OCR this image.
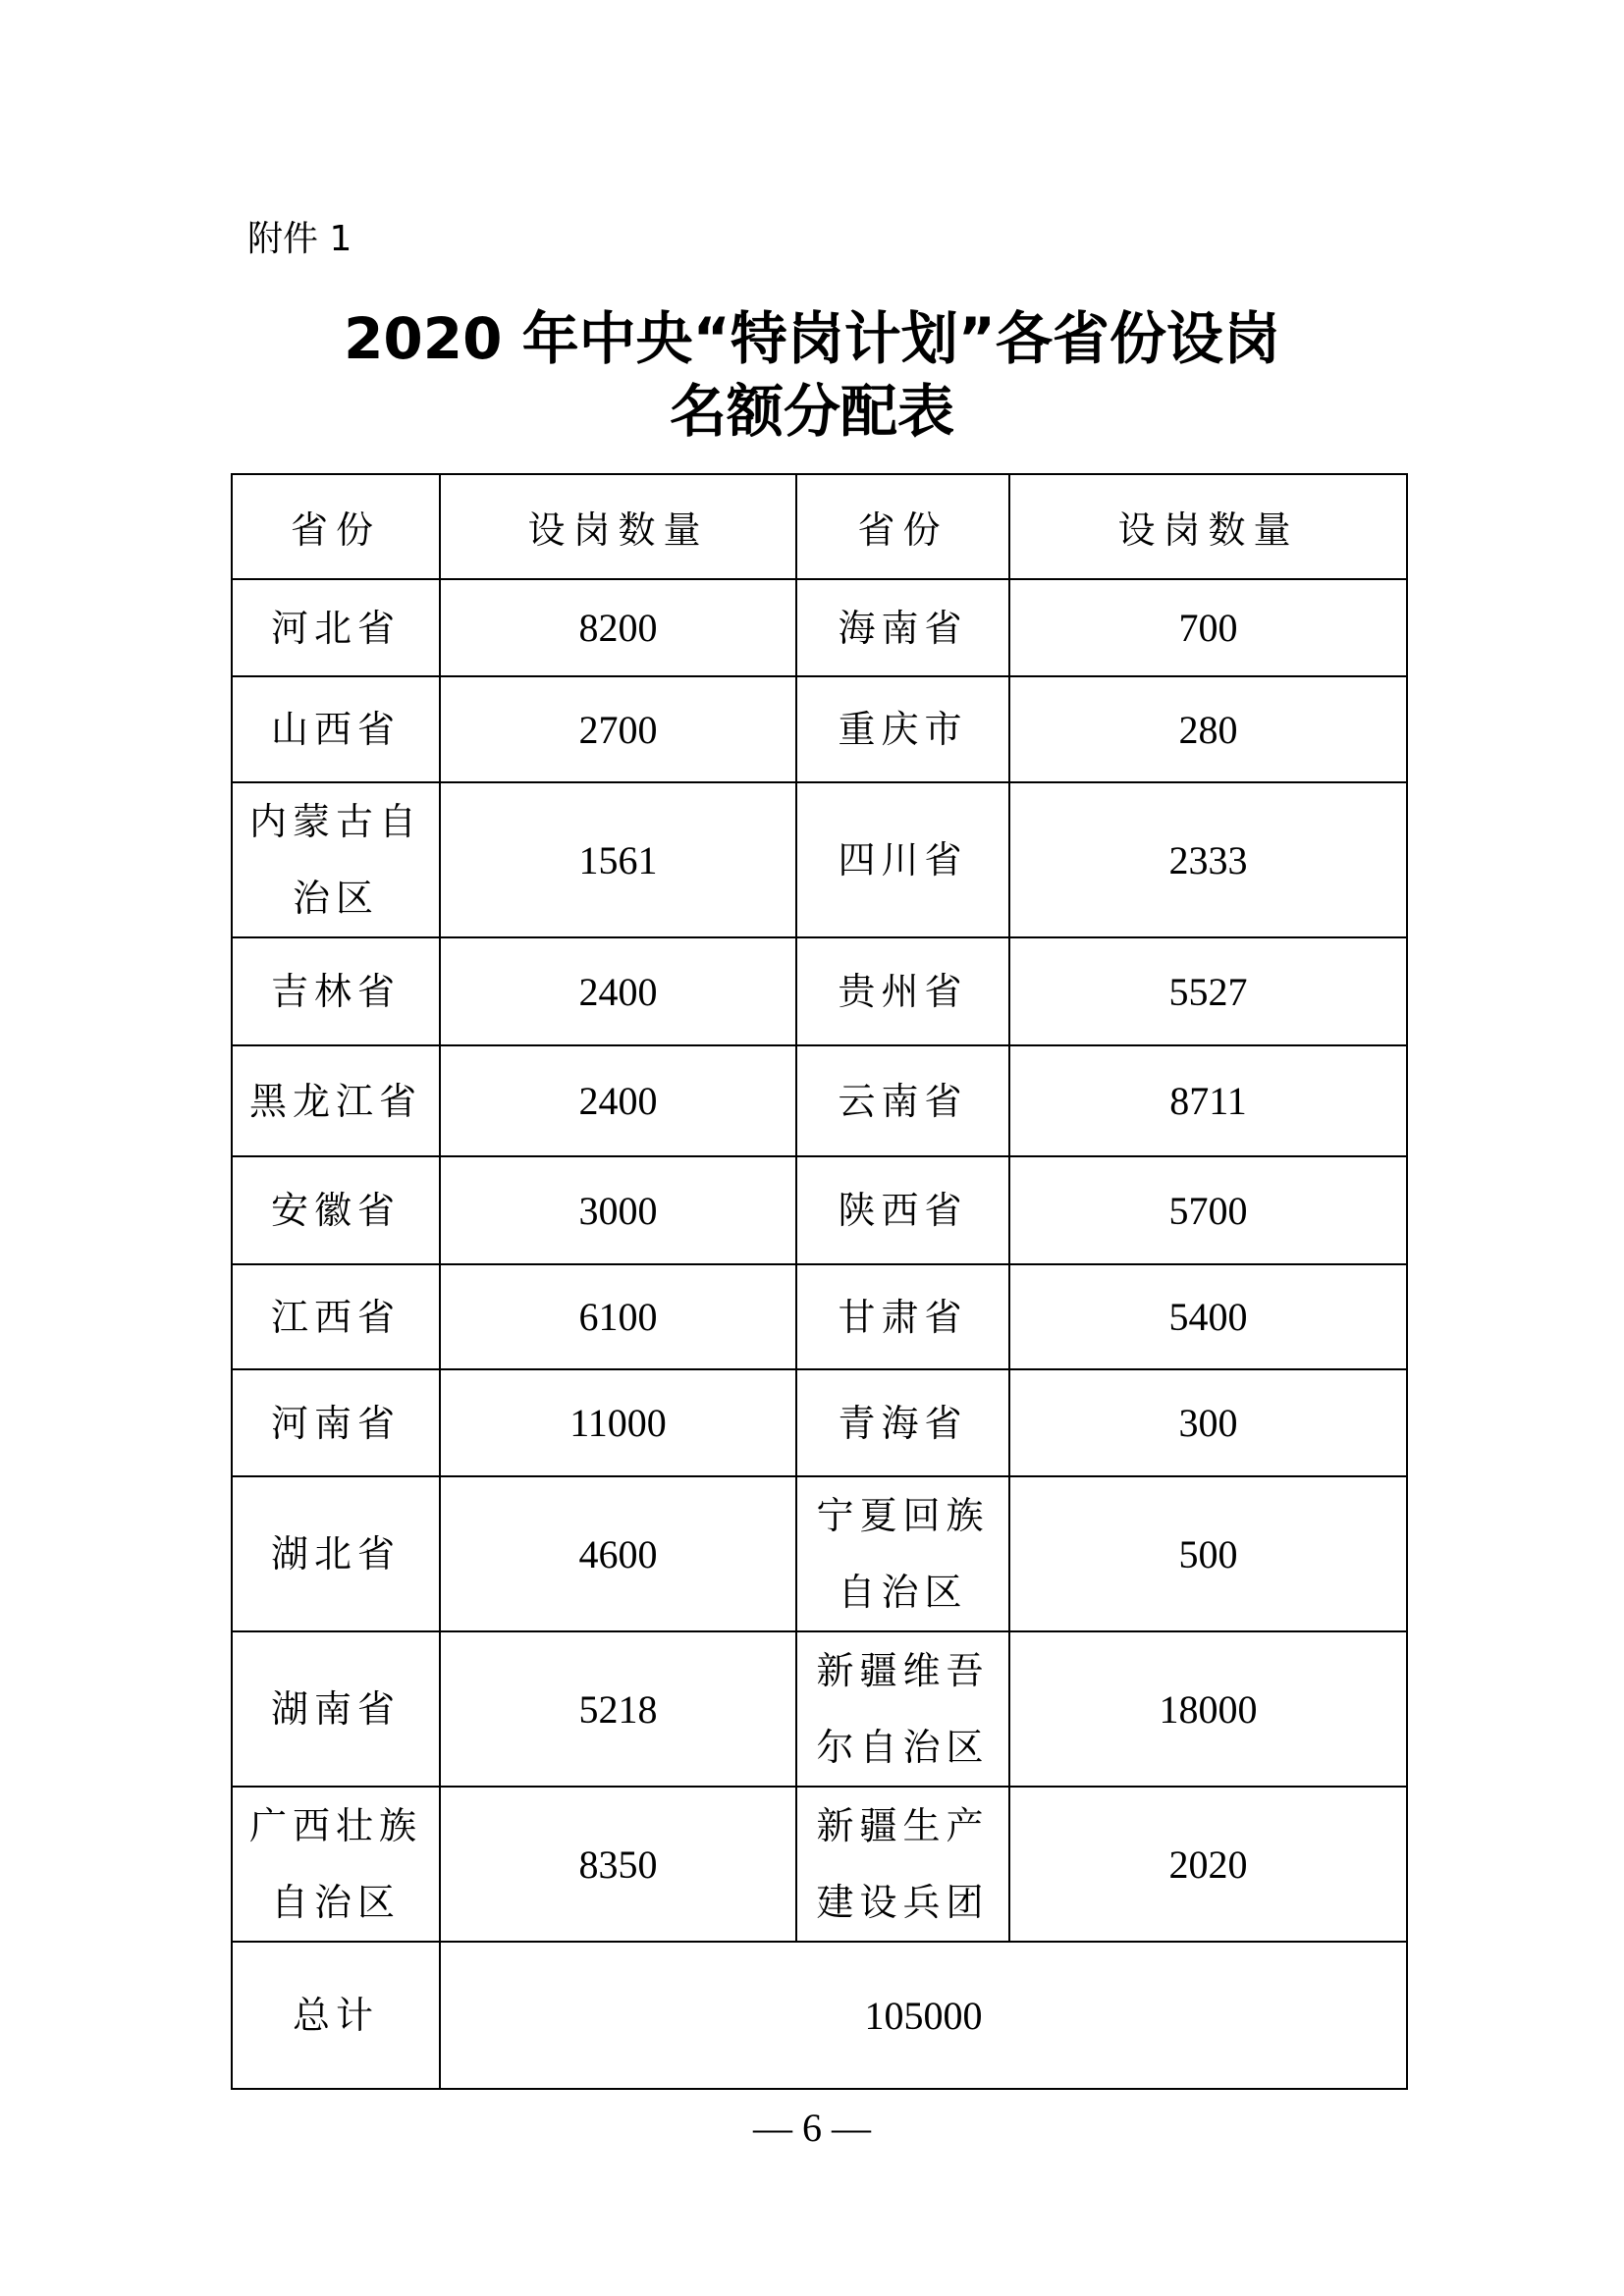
附件 1
2020 年中央“特岗计划”各省份设岗
名额分配表
省份	设岗数量	省份	设岗数量
河北省	8200	海南省	700
山西省	2700	重庆市	280
内蒙古自治区	1561	四川省	2333
吉林省	2400	贵州省	5527
黑龙江省	2400	云南省	8711
安徽省	3000	陕西省	5700
江西省	6100	甘肃省	5400
河南省	11000	青海省	300
湖北省	4600	宁夏回族自治区	500
湖南省	5218	新疆维吾尔自治区	18000
广西壮族自治区	8350	新疆生产建设兵团	2020
总计	105000		
— 6 —
